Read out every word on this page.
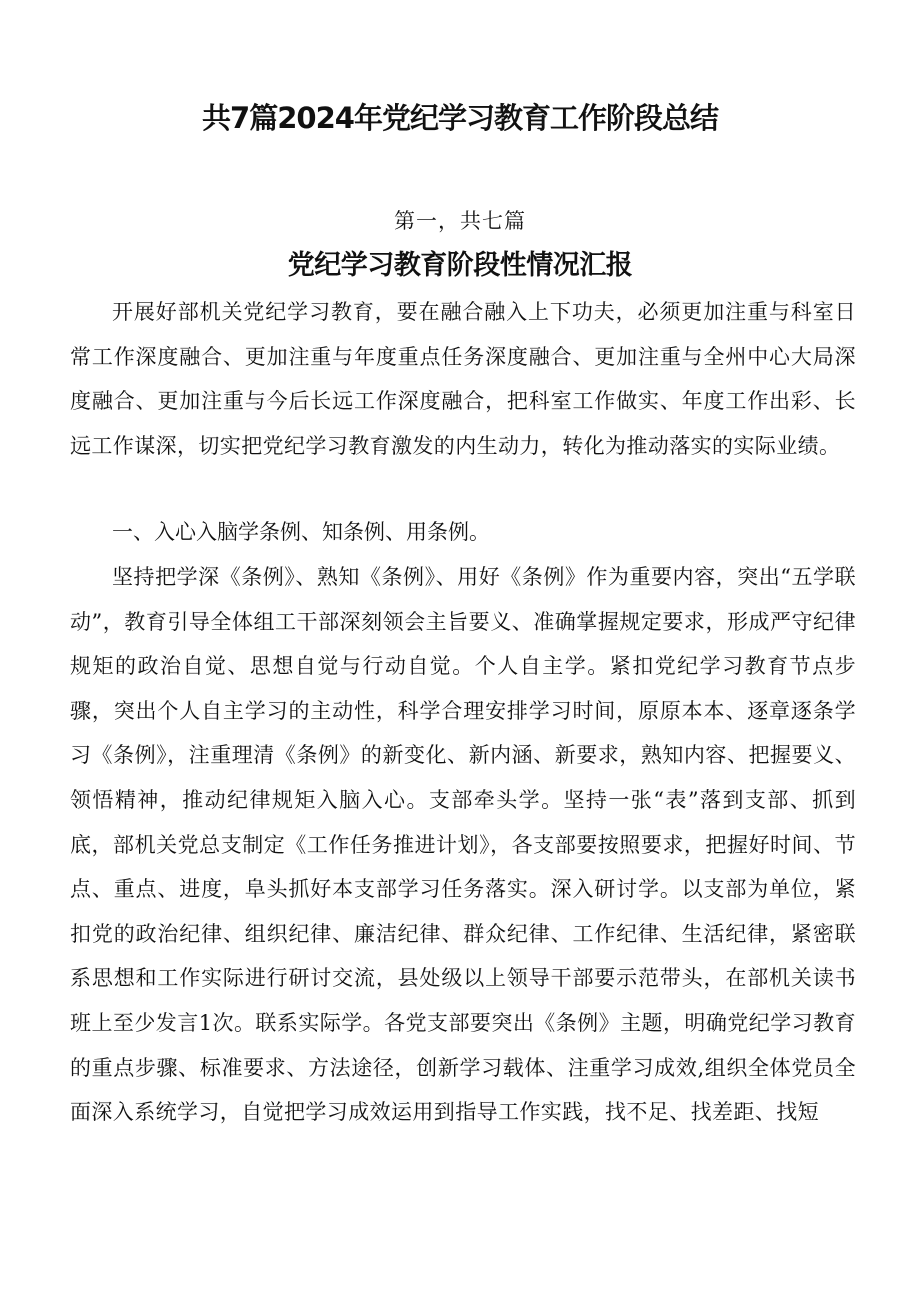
共7篇2024年党纪学习教育工作阶段总结
第一，共七篇
党纪学习教育阶段性情况汇报

开展好部机关党纪学习教育，要在融合融入上下功夫，必须更加注重与科室日常工作深度融合、更加注重与年度重点任务深度融合、更加注重与全州中心大局深度融合、更加注重与今后长远工作深度融合，把科室工作做实、年度工作出彩、长远工作谋深，切实把党纪学习教育激发的内生动力，转化为推动落实的实际业绩。

一、入心入脑学条例、知条例、用条例。

坚持把学深《条例》、熟知《条例》、用好《条例》作为重要内容，突出“五学联动”，教育引导全体组工干部深刻领会主旨要义、准确掌握规定要求，形成严守纪律规矩的政治自觉、思想自觉与行动自觉。个人自主学。紧扣党纪学习教育节点步骤，突出个人自主学习的主动性，科学合理安排学习时间，原原本本、逐章逐条学习《条例》，注重理清《条例》的新变化、新内涵、新要求，熟知内容、把握要义、领悟精神，推动纪律规矩入脑入心。支部牵头学。坚持一张“表”落到支部、抓到底，部机关党总支制定《工作任务推进计划》，各支部要按照要求，把握好时间、节点、重点、进度，阜头抓好本支部学习任务落实。深入研讨学。以支部为单位，紧扣党的政治纪律、组织纪律、廉洁纪律、群众纪律、工作纪律、生活纪律，紧密联系思想和工作实际进行研讨交流，县处级以上领导干部要示范带头，在部机关读书班上至少发言1次。联系实际学。各党支部要突出《条例》主题，明确党纪学习教育的重点步骤、标准要求、方法途径，创新学习载体、注重学习成效,组织全体党员全面深入系统学习，自觉把学习成效运用到指导工作实践，找不足、找差距、找短
